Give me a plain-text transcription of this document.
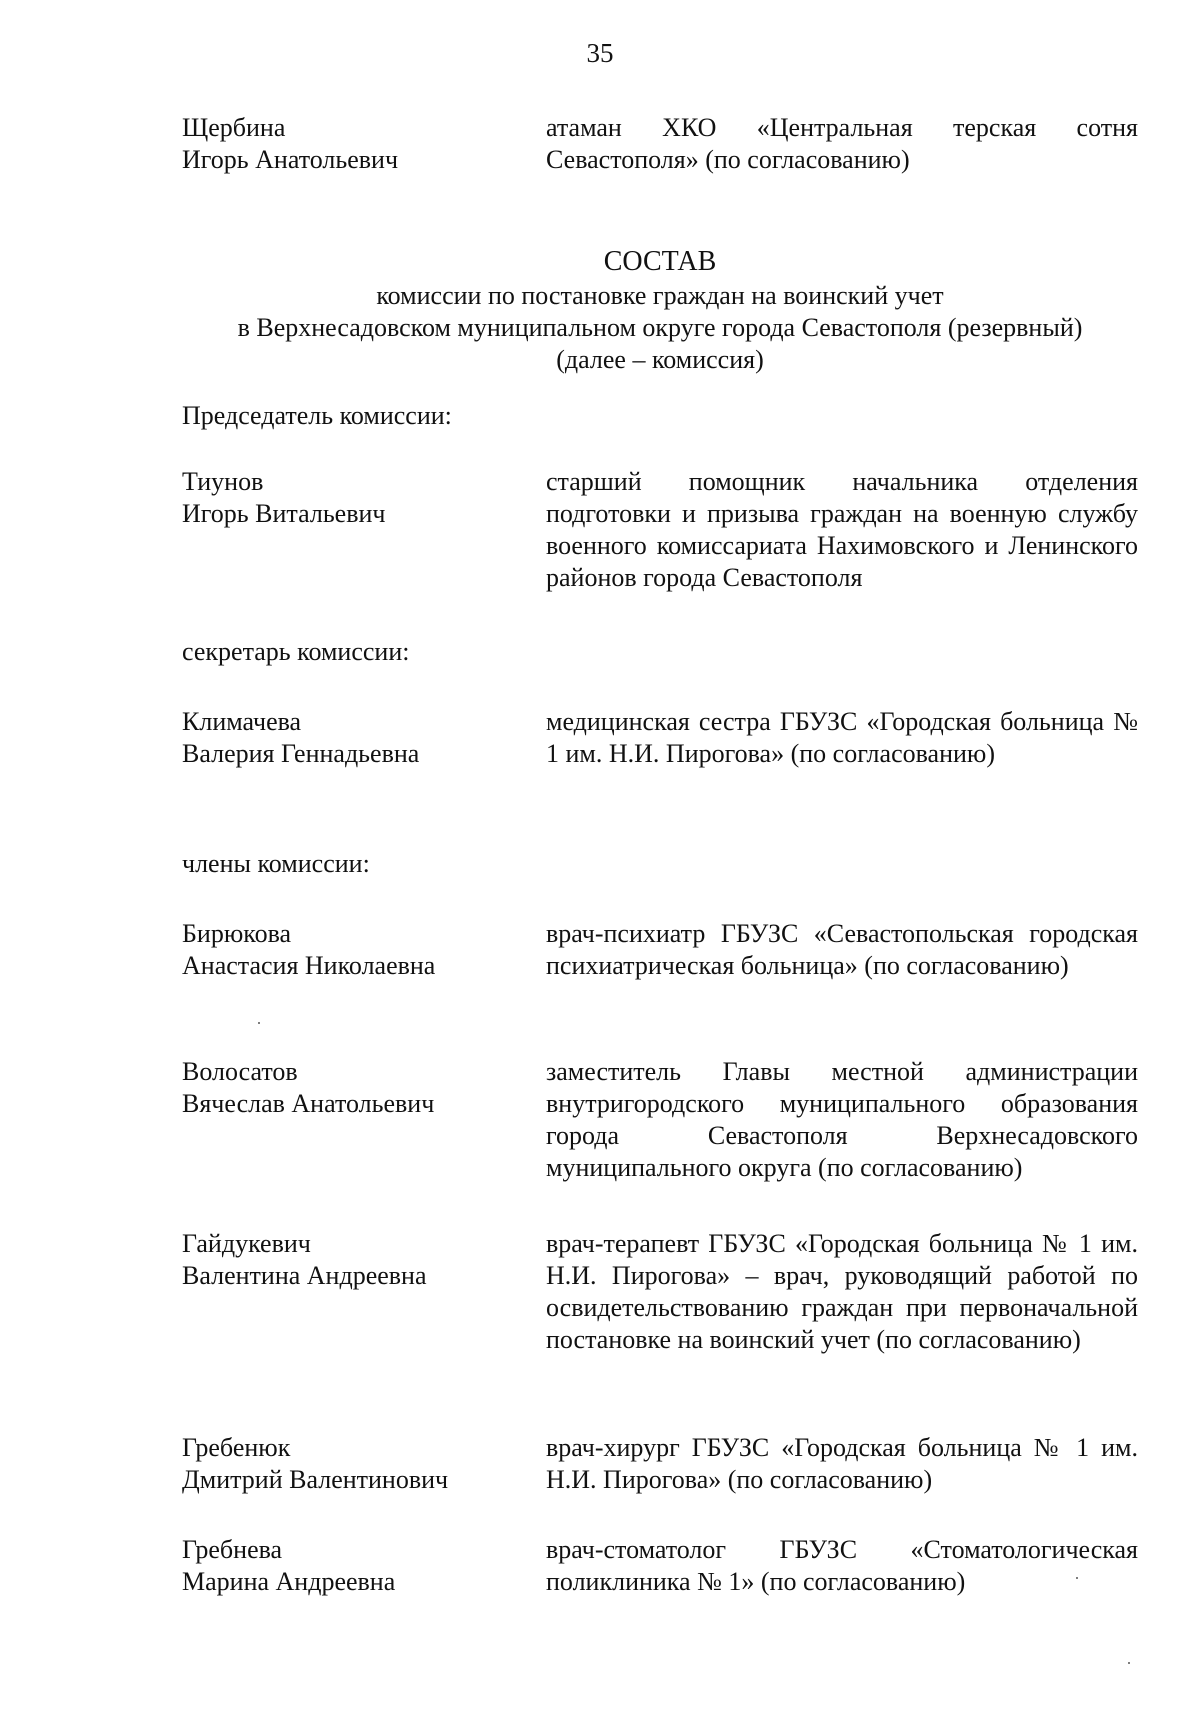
35
Щербина
Игорь Анатольевич
атаман ХКО «Центральная терская сотня Севастополя» (по согласованию)
СОСТАВ
комиссии по постановке граждан на воинский учет
в Верхнесадовском муниципальном округе города Севастополя (резервный)
(далее – комиссия)
Председатель комиссии:
Тиунов
Игорь Витальевич
старший помощник начальника отделения подготовки и призыва граждан на военную службу военного комиссариата Нахимовского и Ленинского районов города Севастополя
секретарь комиссии:
Климачева
Валерия Геннадьевна
медицинская сестра ГБУЗС «Городская больница № 1 им. Н.И. Пирогова» (по согласованию)
члены комиссии:
Бирюкова
Анастасия Николаевна
врач-психиатр ГБУЗС «Севастопольская городская психиатрическая больница» (по согласованию)
Волосатов
Вячеслав Анатольевич
заместитель Главы местной администрации внутригородского муниципального образования города Севастополя Верхнесадовского муниципального округа (по согласованию)
Гайдукевич
Валентина Андреевна
врач-терапевт ГБУЗС «Городская больница № 1 им. Н.И. Пирогова» – врач, руководящий работой по освидетельствованию граждан при первоначальной постановке на воинский учет (по согласованию)
Гребенюк
Дмитрий Валентинович
врач-хирург ГБУЗС «Городская больница № 1 им. Н.И. Пирогова» (по согласованию)
Гребнева
Марина Андреевна
врач-стоматолог ГБУЗС «Стоматологическая поликлиника № 1» (по согласованию)
